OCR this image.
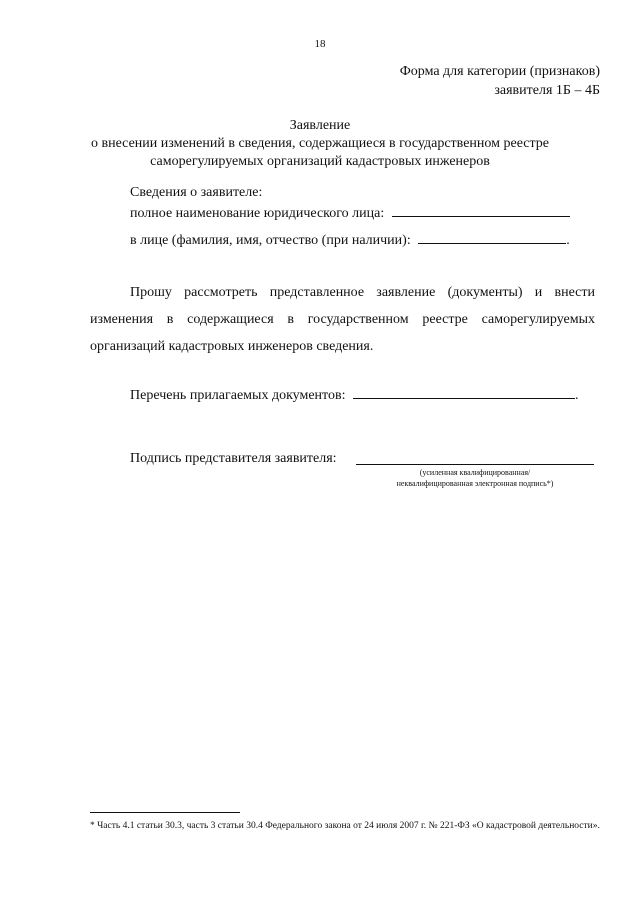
18
Форма для категории (признаков)
заявителя 1Б – 4Б
Заявление
о внесении изменений в сведения, содержащиеся в государственном реестре
саморегулируемых организаций кадастровых инженеров
Сведения о заявителе:
полное наименование юридического лица:
в лице (фамилия, имя, отчество (при наличии):	.
Прошу рассмотреть представленное заявление (документы) и внести
изменения в содержащиеся в государственном реестре саморегулируемых
организаций кадастровых инженеров сведения.
Перечень прилагаемых документов:	.
Подпись представителя заявителя:
(усиленная квалифицированная/
неквалифицированная электронная подпись*)
* Часть 4.1 статьи 30.3, часть 3 статьи 30.4 Федерального закона от 24 июля 2007 г. № 221-ФЗ «О кадастровой деятельности».
